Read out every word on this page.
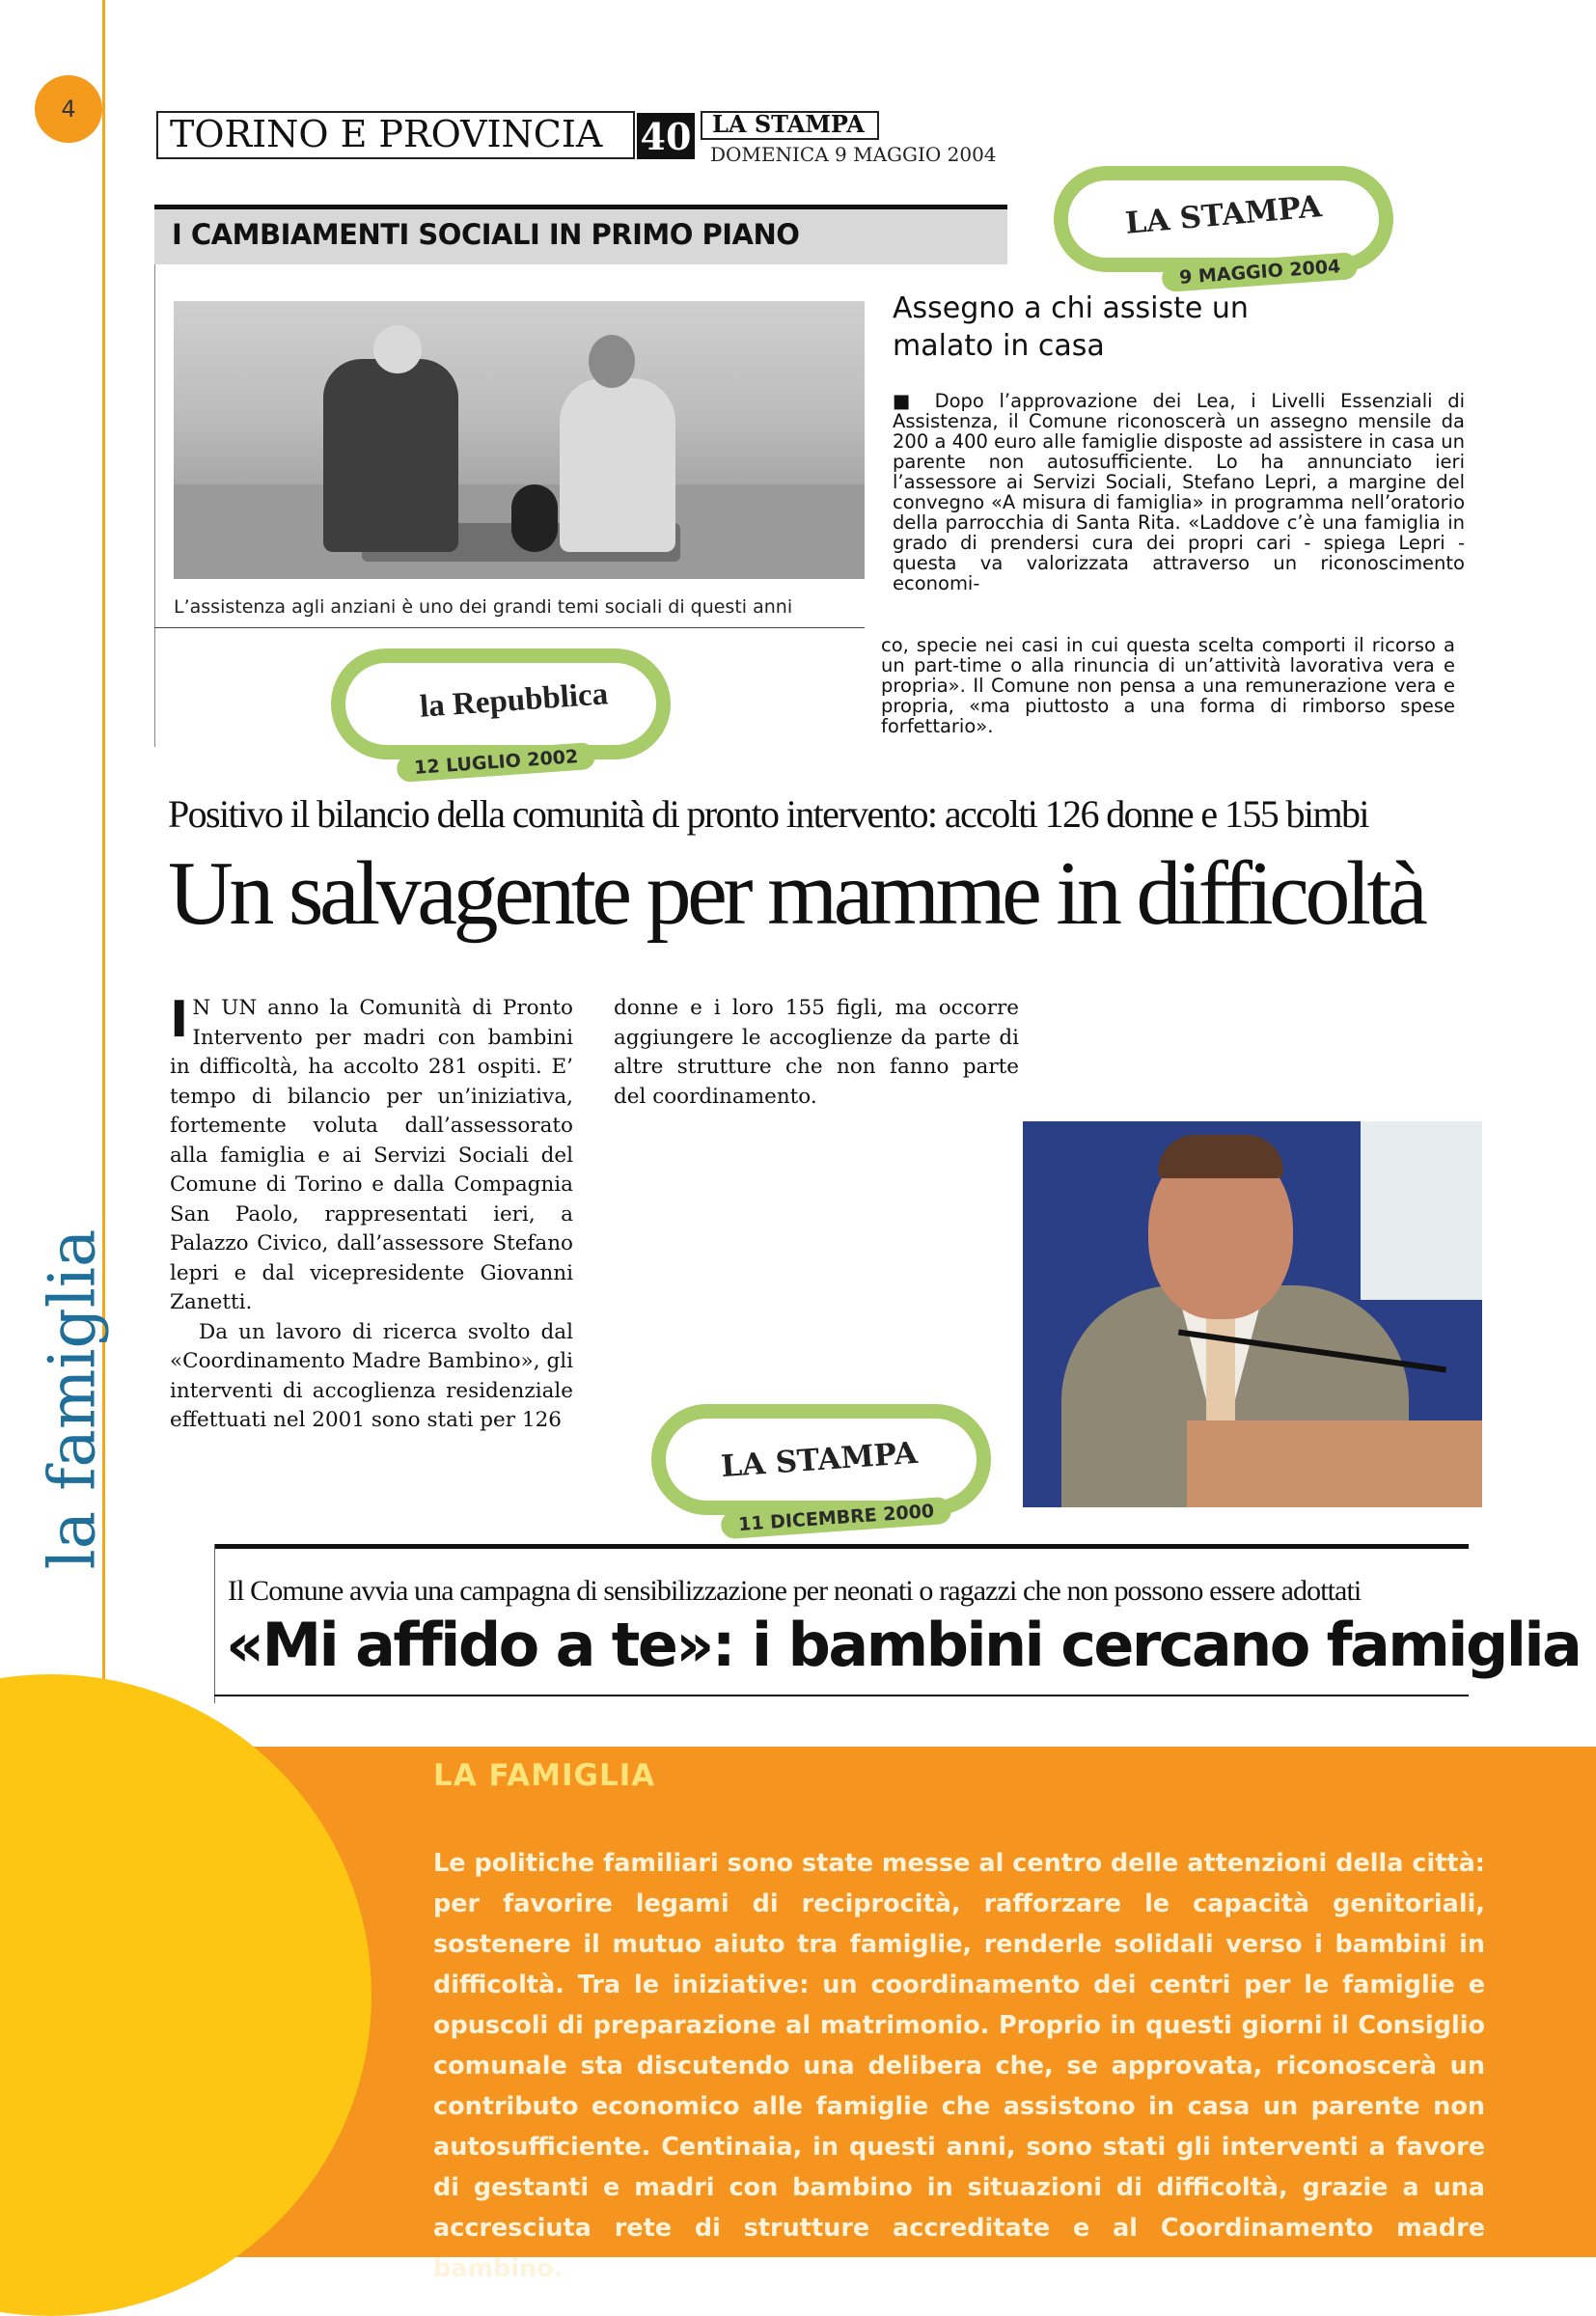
4
la famiglia
TORINO E PROVINCIA 40 LA STAMPA
DOMENICA 9 MAGGIO 2004
I CAMBIAMENTI SOCIALI IN PRIMO PIANO
L’assistenza agli anziani è uno dei grandi temi sociali di questi anni
Assegno a chi assiste un malato in casa
■ Dopo l’approvazione dei Lea, i Livelli Essenziali di Assistenza, il Comune riconoscerà un assegno mensile da 200 a 400 euro alle famiglie disposte ad assistere in casa un parente non autosufficiente. Lo ha annunciato ieri l’assessore ai Servizi Sociali, Stefano Lepri, a margine del convegno «A misura di famiglia» in programma nell’oratorio della parrocchia di Santa Rita. «Laddove c’è una famiglia in grado di prendersi cura dei propri cari - spiega Lepri - questa va valorizzata attraverso un riconoscimento economi-
co, specie nei casi in cui questa scelta comporti il ricorso a un part-time o alla rinuncia di un’attività lavorativa vera e propria». Il Comune non pensa a una remunerazione vera e propria, «ma piuttosto a una forma di rimborso spese forfettario».
LA STAMPA
9 MAGGIO 2004
la Repubblica
12 LUGLIO 2002
Positivo il bilancio della comunità di pronto intervento: accolti 126 donne e 155 bimbi
Un salvagente per mamme in difficoltà

I N UN anno la Comunità di Pronto Intervento per madri con bambini in difficoltà, ha accolto 281 ospiti. E’ tempo di bilancio per un’iniziativa, fortemente voluta dall’assessorato alla famiglia e ai Servizi Sociali del Comune di Torino e dalla Compagnia San Paolo, rappresentati ieri, a Palazzo Civico, dall’assessore Stefano lepri e dal vicepresidente Giovanni Zanetti.

Da un lavoro di ricerca svolto dal «Coordinamento Madre Bambino», gli interventi di accoglienza residenziale effettuati nel 2001 sono stati per 126

donne e i loro 155 figli, ma occorre aggiungere le accoglienze da parte di altre strutture che non fanno parte del coordinamento.
LA STAMPA
11 DICEMBRE 2000
Il Comune avvia una campagna di sensibilizzazione per neonati o ragazzi che non possono essere adottati
«Mi affido a te»: i bambini cercano famiglia
LA FAMIGLIA
Le politiche familiari sono state messe al centro delle attenzioni della città: per favorire legami di reciprocità, rafforzare le capacità genitoriali, sostenere il mutuo aiuto tra famiglie, renderle solidali verso i bambini in difficoltà. Tra le iniziative: un coordinamento dei centri per le famiglie e opuscoli di preparazione al matrimonio. Proprio in questi giorni il Consiglio comunale sta discutendo una delibera che, se approvata, riconoscerà un contributo economico alle famiglie che assistono in casa un parente non autosufficiente. Centinaia, in questi anni, sono stati gli interventi a favore di gestanti e madri con bambino in situazioni di difficoltà, grazie a una accresciuta rete di strutture accreditate e al Coordinamento madre bambino.
